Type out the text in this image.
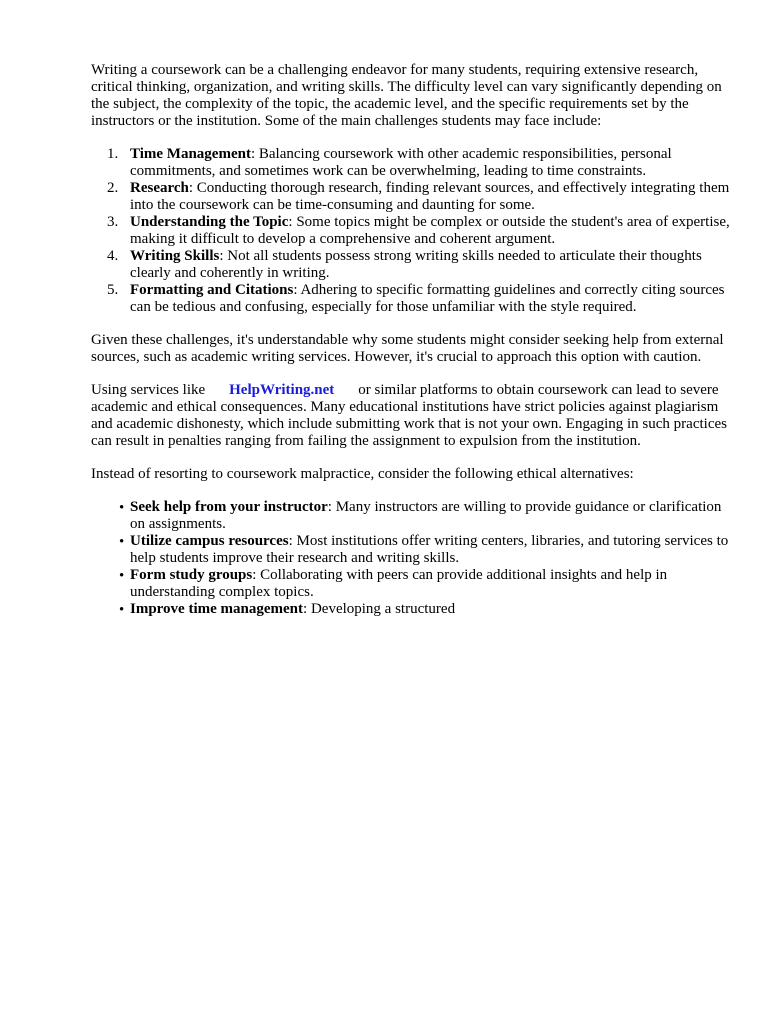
Writing a coursework can be a challenging endeavor for many students, requiring extensive research, critical thinking, organization, and writing skills. The difficulty level can vary significantly depending on the subject, the complexity of the topic, the academic level, and the specific requirements set by the instructors or the institution. Some of the main challenges students may face include:

1. Time Management: Balancing coursework with other academic responsibilities, personal commitments, and sometimes work can be overwhelming, leading to time constraints.
2. Research: Conducting thorough research, finding relevant sources, and effectively integrating them into the coursework can be time-consuming and daunting for some.
3. Understanding the Topic: Some topics might be complex or outside the student's area of expertise, making it difficult to develop a comprehensive and coherent argument.
4. Writing Skills: Not all students possess strong writing skills needed to articulate their thoughts clearly and coherently in writing.
5. Formatting and Citations: Adhering to specific formatting guidelines and correctly citing sources can be tedious and confusing, especially for those unfamiliar with the style required.

Given these challenges, it's understandable why some students might consider seeking help from external sources, such as academic writing services. However, it's crucial to approach this option with caution.

Using services like HelpWriting.net or similar platforms to obtain coursework can lead to severe academic and ethical consequences. Many educational institutions have strict policies against plagiarism and academic dishonesty, which include submitting work that is not your own. Engaging in such practices can result in penalties ranging from failing the assignment to expulsion from the institution.

Instead of resorting to coursework malpractice, consider the following ethical alternatives:

• Seek help from your instructor: Many instructors are willing to provide guidance or clarification on assignments.
• Utilize campus resources: Most institutions offer writing centers, libraries, and tutoring services to help students improve their research and writing skills.
• Form study groups: Collaborating with peers can provide additional insights and help in understanding complex topics.
• Improve time management: Developing a structured
